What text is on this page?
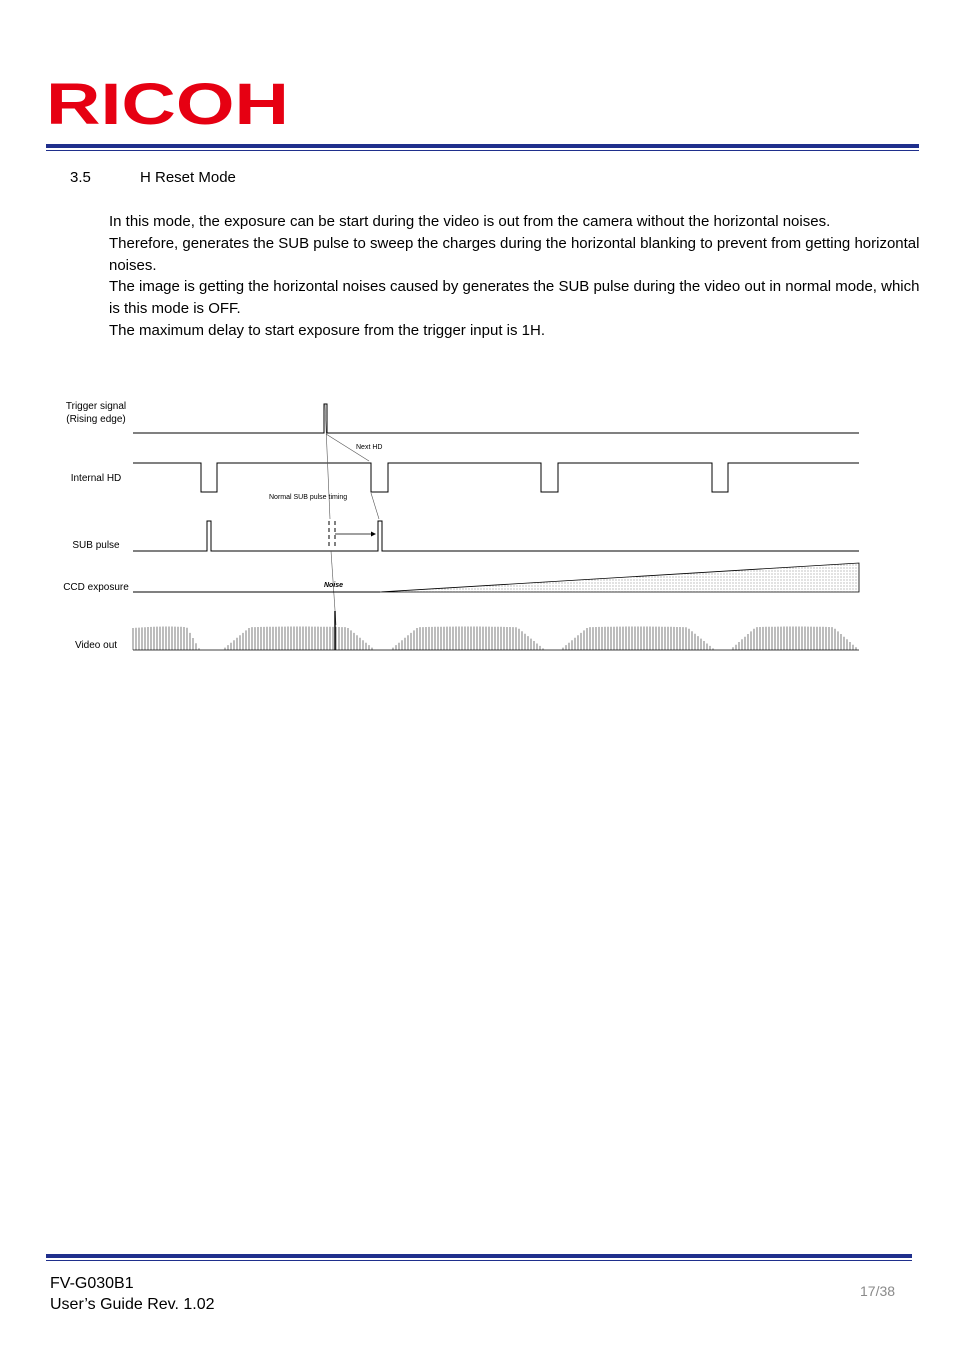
RICOH
3.5	H Reset Mode

In this mode, the exposure can be start during the video is out from the camera without the horizontal noises.

Therefore, generates the SUB pulse to sweep the charges during the horizontal blanking to prevent from getting horizontal noises.

The image is getting the horizontal noises caused by generates the SUB pulse during the video out in normal mode, which is this mode is OFF.

The maximum delay to start exposure from the trigger input is 1H.

Trigger signal
(Rising edge)
Internal HD
SUB pulse
CCD exposure
Video out
Next HD
Normal SUB pulse timing
Noise
FV-G030B1
User’s Guide Rev. 1.02
17/38
